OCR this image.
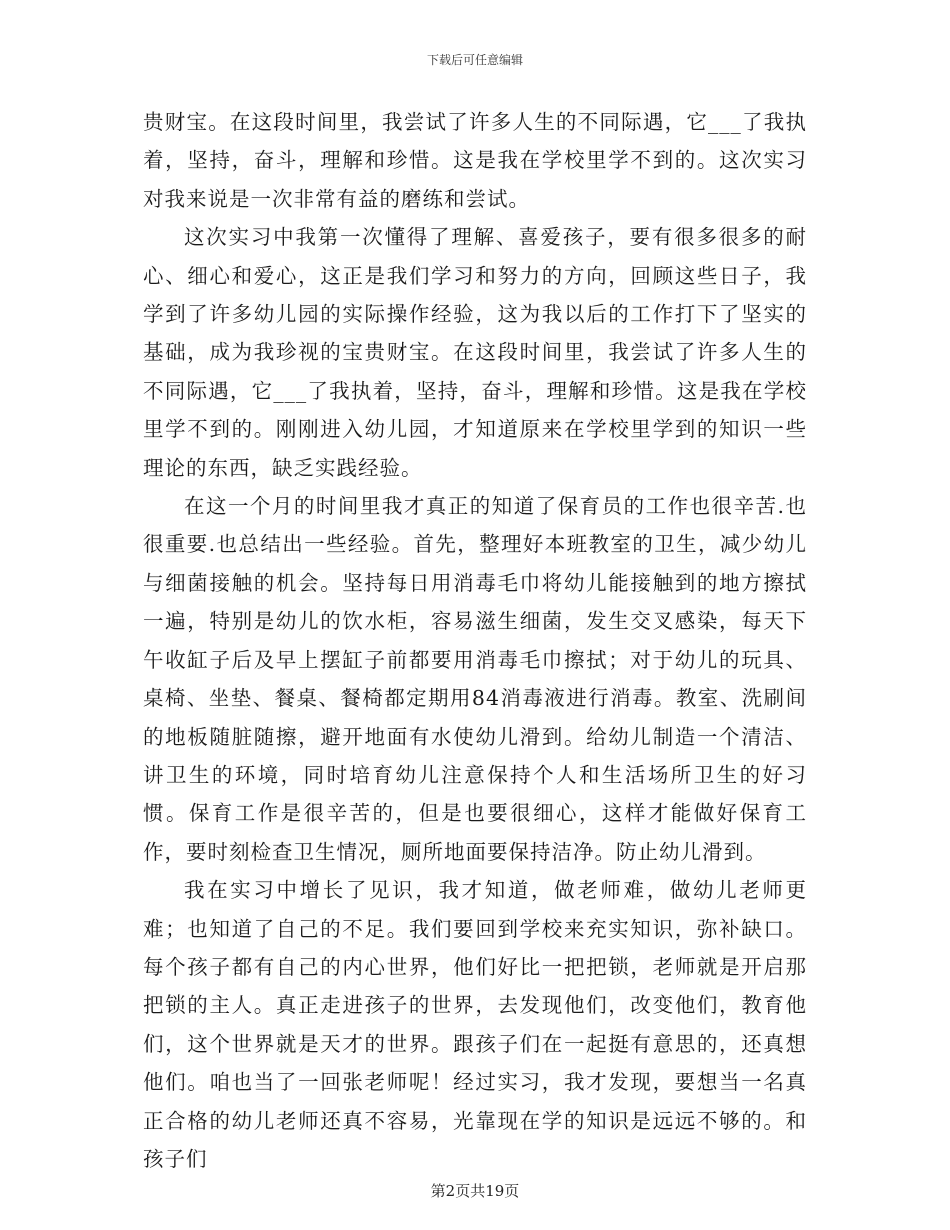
下载后可任意编辑

贵财宝。在这段时间里，我尝试了许多人生的不同际遇，它___了我执着，坚持，奋斗，理解和珍惜。这是我在学校里学不到的。这次实习对我来说是一次非常有益的磨练和尝试。

这次实习中我第一次懂得了理解、喜爱孩子，要有很多很多的耐心、细心和爱心，这正是我们学习和努力的方向，回顾这些日子，我学到了许多幼儿园的实际操作经验，这为我以后的工作打下了坚实的基础，成为我珍视的宝贵财宝。在这段时间里，我尝试了许多人生的不同际遇，它___了我执着，坚持，奋斗，理解和珍惜。这是我在学校里学不到的。刚刚进入幼儿园，才知道原来在学校里学到的知识一些理论的东西，缺乏实践经验。

在这一个月的时间里我才真正的知道了保育员的工作也很辛苦.也很重要.也总结出一些经验。首先，整理好本班教室的卫生，减少幼儿与细菌接触的机会。坚持每日用消毒毛巾将幼儿能接触到的地方擦拭一遍，特别是幼儿的饮水柜，容易滋生细菌，发生交叉感染，每天下午收缸子后及早上摆缸子前都要用消毒毛巾擦拭；对于幼儿的玩具、桌椅、坐垫、餐桌、餐椅都定期用84消毒液进行消毒。教室、洗刷间的地板随脏随擦，避开地面有水使幼儿滑到。给幼儿制造一个清洁、讲卫生的环境，同时培育幼儿注意保持个人和生活场所卫生的好习惯。保育工作是很辛苦的，但是也要很细心，这样才能做好保育工作，要时刻检查卫生情况，厕所地面要保持洁净。防止幼儿滑到。

我在实习中增长了见识，我才知道，做老师难，做幼儿老师更难；也知道了自己的不足。我们要回到学校来充实知识，弥补缺口。每个孩子都有自己的内心世界，他们好比一把把锁，老师就是开启那把锁的主人。真正走进孩子的世界，去发现他们，改变他们，教育他们，这个世界就是天才的世界。跟孩子们在一起挺有意思的，还真想他们。咱也当了一回张老师呢！经过实习，我才发现，要想当一名真正合格的幼儿老师还真不容易，光靠现在学的知识是远远不够的。和孩子们

第2页共19页
